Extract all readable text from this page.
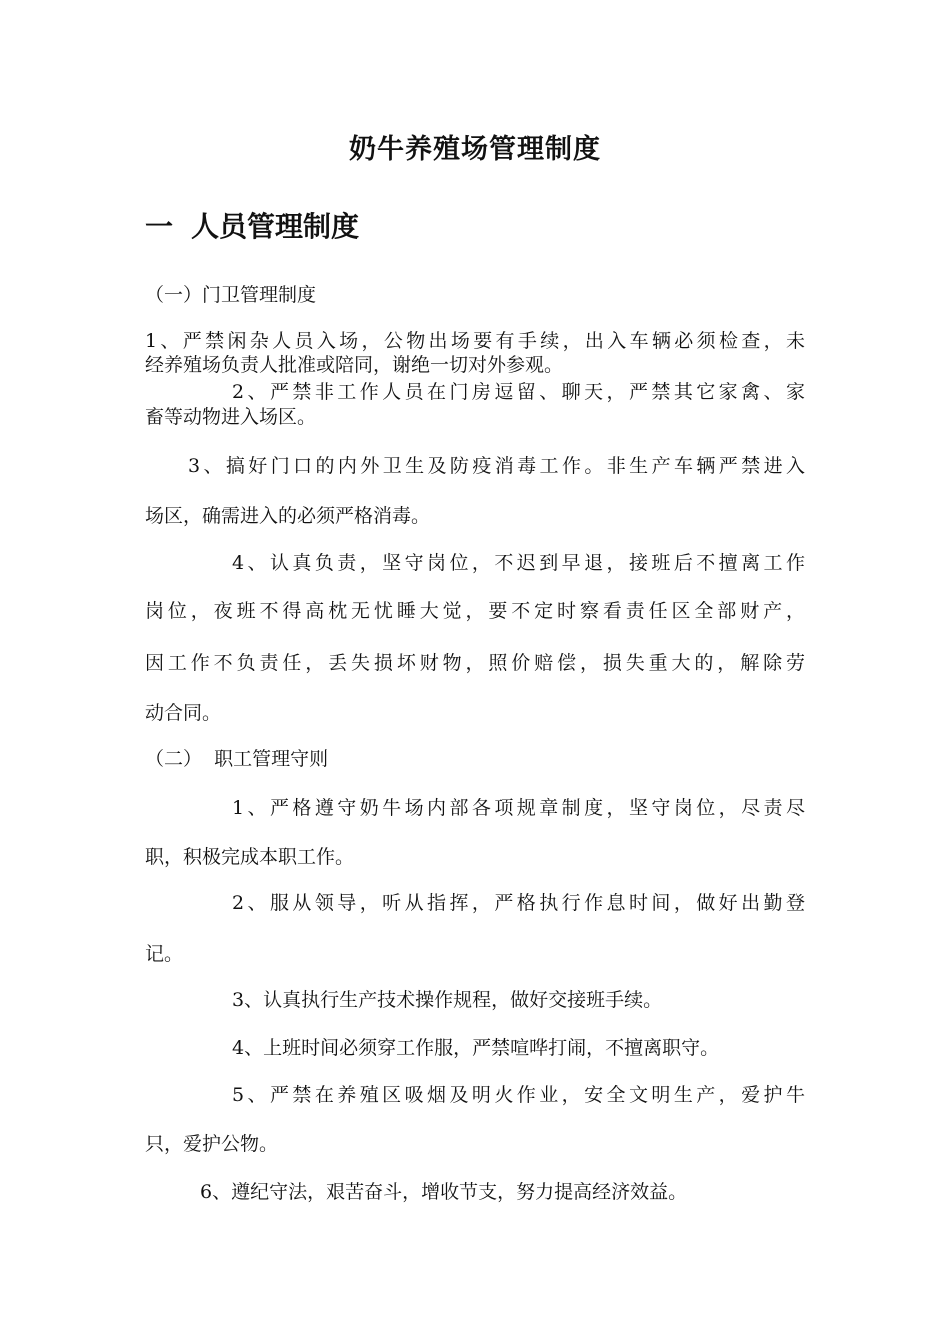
奶牛养殖场管理制度
一 人员管理制度
（一）门卫管理制度
1、严禁闲杂人员入场，公物出场要有手续，出入车辆必须检查，未
经养殖场负责人批准或陪同，谢绝一切对外参观。
2、严禁非工作人员在门房逗留、聊天，严禁其它家禽、家
畜等动物进入场区。
3、搞好门口的内外卫生及防疫消毒工作。非生产车辆严禁进入
场区，确需进入的必须严格消毒。
4、认真负责，坚守岗位，不迟到早退，接班后不擅离工作
岗位，夜班不得高枕无忧睡大觉，要不定时察看责任区全部财产，
因工作不负责任，丢失损坏财物，照价赔偿，损失重大的，解除劳
动合同。
（二）  职工管理守则
1、严格遵守奶牛场内部各项规章制度，坚守岗位，尽责尽
职，积极完成本职工作。
2、服从领导，听从指挥，严格执行作息时间，做好出勤登
记。
3、认真执行生产技术操作规程，做好交接班手续。
4、上班时间必须穿工作服，严禁喧哗打闹，不擅离职守。
5、严禁在养殖区吸烟及明火作业，安全文明生产，爱护牛
只，爱护公物。
6、遵纪守法，艰苦奋斗，增收节支，努力提高经济效益。
